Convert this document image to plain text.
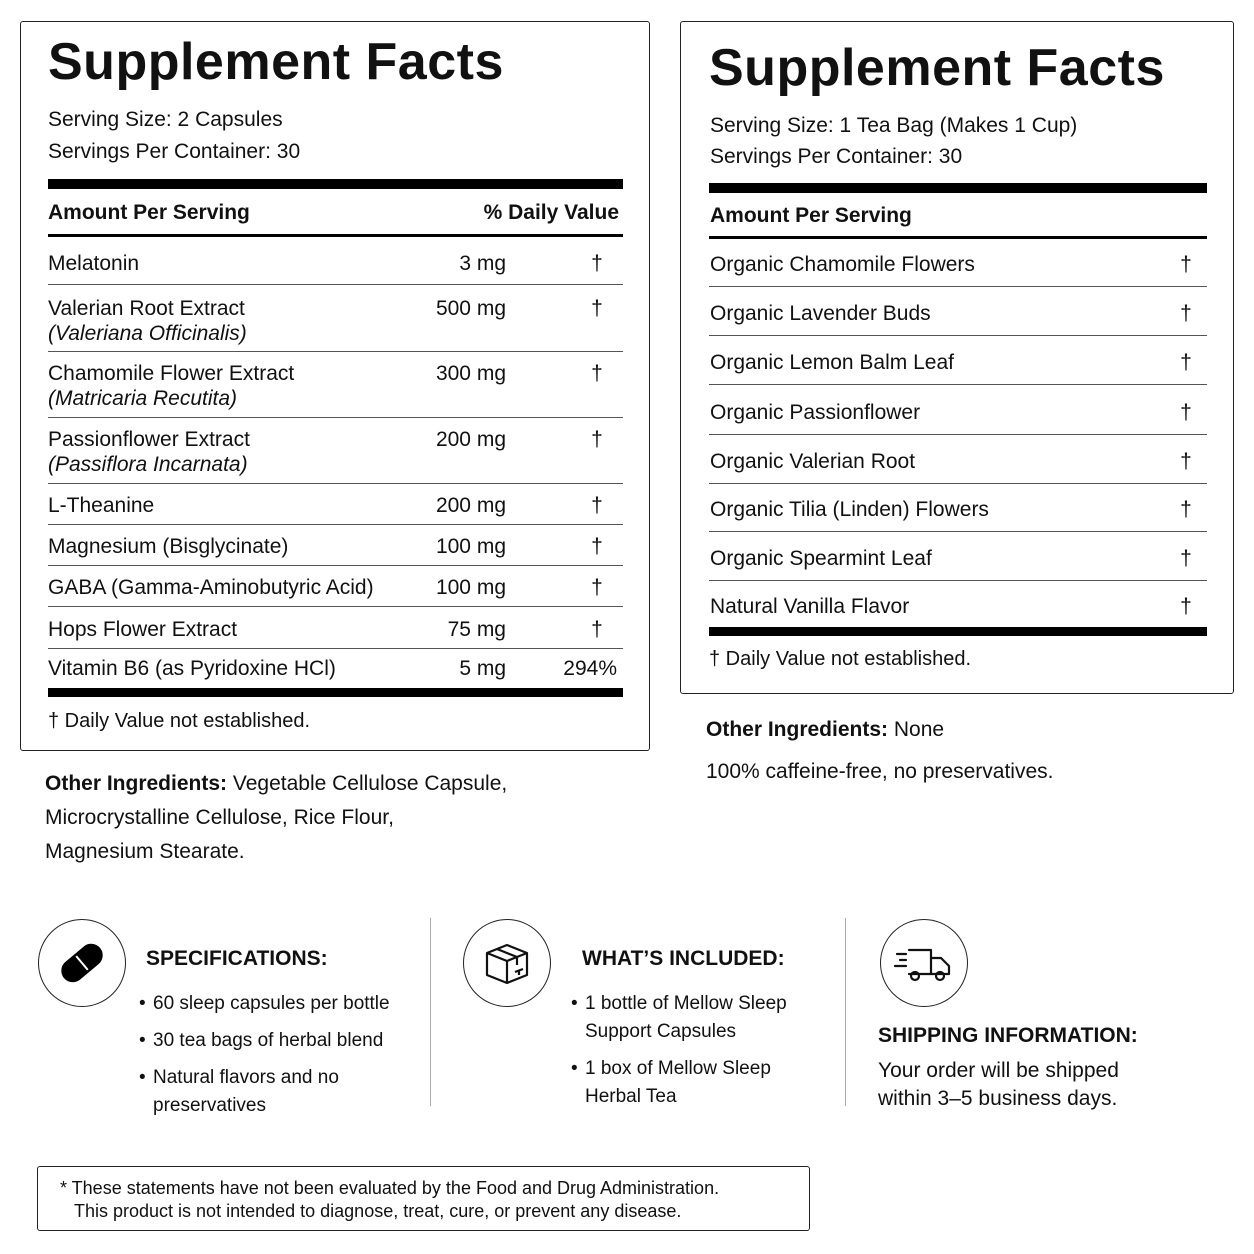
Supplement Facts
Serving Size: 2 Capsules
Servings Per Container: 30
Amount Per Serving	% Daily Value
Melatonin	3 mg	†
Valerian Root Extract
(Valeriana Officinalis)
500 mg	†
Chamomile Flower Extract
(Matricaria Recutita)
300 mg	†
Passionflower Extract
(Passiflora Incarnata)
200 mg	†
L-Theanine	200 mg	†
Magnesium (Bisglycinate)	100 mg	†
GABA (Gamma-Aminobutyric Acid)	100 mg	†
Hops Flower Extract	75 mg	†
Vitamin B6 (as Pyridoxine HCl)	5 mg	294%
† Daily Value not established.
Other Ingredients: Vegetable Cellulose Capsule,
Microcrystalline Cellulose, Rice Flour,
Magnesium Stearate.
Supplement Facts
Serving Size: 1 Tea Bag (Makes 1 Cup)
Servings Per Container: 30
Amount Per Serving
Organic Chamomile Flowers	†
Organic Lavender Buds	†
Organic Lemon Balm Leaf	†
Organic Passionflower	†
Organic Valerian Root	†
Organic Tilia (Linden) Flowers	†
Organic Spearmint Leaf	†
Natural Vanilla Flavor	†
† Daily Value not established.
Other Ingredients: None
100% caffeine-free, no preservatives.
SPECIFICATIONS:
• 60 sleep capsules per bottle
• 30 tea bags of herbal blend
• Natural flavors and no preservatives
WHAT’S INCLUDED:
• 1 bottle of Mellow Sleep Support Capsules
• 1 box of Mellow Sleep Herbal Tea
SHIPPING INFORMATION:
Your order will be shipped within 3–5 business days.
* These statements have not been evaluated by the Food and Drug Administration.
This product is not intended to diagnose, treat, cure, or prevent any disease.
